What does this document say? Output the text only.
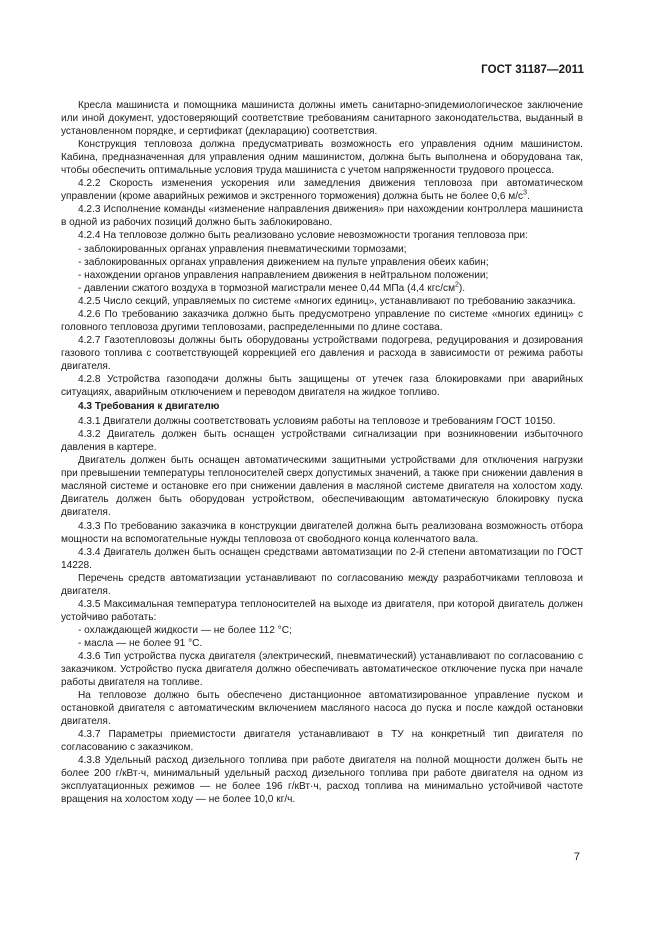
ГОСТ 31187—2011

Кресла машиниста и помощника машиниста должны иметь санитарно-эпидемиологическое заключение или иной документ, удостоверяющий соответствие требованиям санитарного законодательства, выданный в установленном порядке, и сертификат (декларацию) соответствия.

Конструкция тепловоза должна предусматривать возможность его управления одним машинистом. Кабина, предназначенная для управления одним машинистом, должна быть выполнена и оборудована так, чтобы обеспечить оптимальные условия труда машиниста с учетом напряженности трудового процесса.

4.2.2 Скорость изменения ускорения или замедления движения тепловоза при автоматическом управлении (кроме аварийных режимов и экстренного торможения) должна быть не более 0,6 $м/с^3$.

4.2.3 Исполнение команды «изменение направления движения» при нахождении контроллера машиниста в одной из рабочих позиций должно быть заблокировано.

4.2.4 На тепловозе должно быть реализовано условие невозможности трогания тепловоза при:

- заблокированных органах управления пневматическими тормозами;

- заблокированных органах управления движением на пульте управления обеих кабин;

- нахождении органов управления направлением движения в нейтральном положении;

- давлении сжатого воздуха в тормозной магистрали менее 0,44 МПа (4,4 кгс/$см^2$).

4.2.5 Число секций, управляемых по системе «многих единиц», устанавливают по требованию заказчика.

4.2.6 По требованию заказчика должно быть предусмотрено управление по системе «многих единиц» с головного тепловоза другими тепловозами, распределенными по длине состава.

4.2.7 Газотепловозы должны быть оборудованы устройствами подогрева, редуцирования и дозирования газового топлива с соответствующей коррекцией его давления и расхода в зависимости от режима работы двигателя.

4.2.8 Устройства газоподачи должны быть защищены от утечек газа блокировками при аварийных ситуациях, аварийным отключением и переводом двигателя на жидкое топливо.

4.3 Требования к двигателю

4.3.1 Двигатели должны соответствовать условиям работы на тепловозе и требованиям ГОСТ 10150.

4.3.2 Двигатель должен быть оснащен устройствами сигнализации при возникновении избыточного давления в картере.

Двигатель должен быть оснащен автоматическими защитными устройствами для отключения нагрузки при превышении температуры теплоносителей сверх допустимых значений, а также при снижении давления в масляной системе и остановке его при снижении давления в масляной системе двигателя на холостом ходу. Двигатель должен быть оборудован устройством, обеспечивающим автоматическую блокировку пуска двигателя.

4.3.3 По требованию заказчика в конструкции двигателей должна быть реализована возможность отбора мощности на вспомогательные нужды тепловоза от свободного конца коленчатого вала.

4.3.4 Двигатель должен быть оснащен средствами автоматизации по 2-й степени автоматизации по ГОСТ 14228.

Перечень средств автоматизации устанавливают по согласованию между разработчиками тепловоза и двигателя.

4.3.5 Максимальная температура теплоносителей на выходе из двигателя, при которой двигатель должен устойчиво работать:

- охлаждающей жидкости — не более 112 °С;

- масла — не более 91 °С.

4.3.6 Тип устройства пуска двигателя (электрический, пневматический) устанавливают по согласованию с заказчиком. Устройство пуска двигателя должно обеспечивать автоматическое отключение пуска при начале работы двигателя на топливе.

На тепловозе должно быть обеспечено дистанционное автоматизированное управление пуском и остановкой двигателя с автоматическим включением масляного насоса до пуска и после каждой остановки двигателя.

4.3.7 Параметры приемистости двигателя устанавливают в ТУ на конкретный тип двигателя по согласованию с заказчиком.

4.3.8 Удельный расход дизельного топлива при работе двигателя на полной мощности должен быть не более 200 г/кВт·ч, минимальный удельный расход дизельного топлива при работе двигателя на одном из эксплуатационных режимов — не более 196 г/кВт·ч, расход топлива на минимально устойчивой частоте вращения на холостом ходу — не более 10,0 кг/ч.

7
